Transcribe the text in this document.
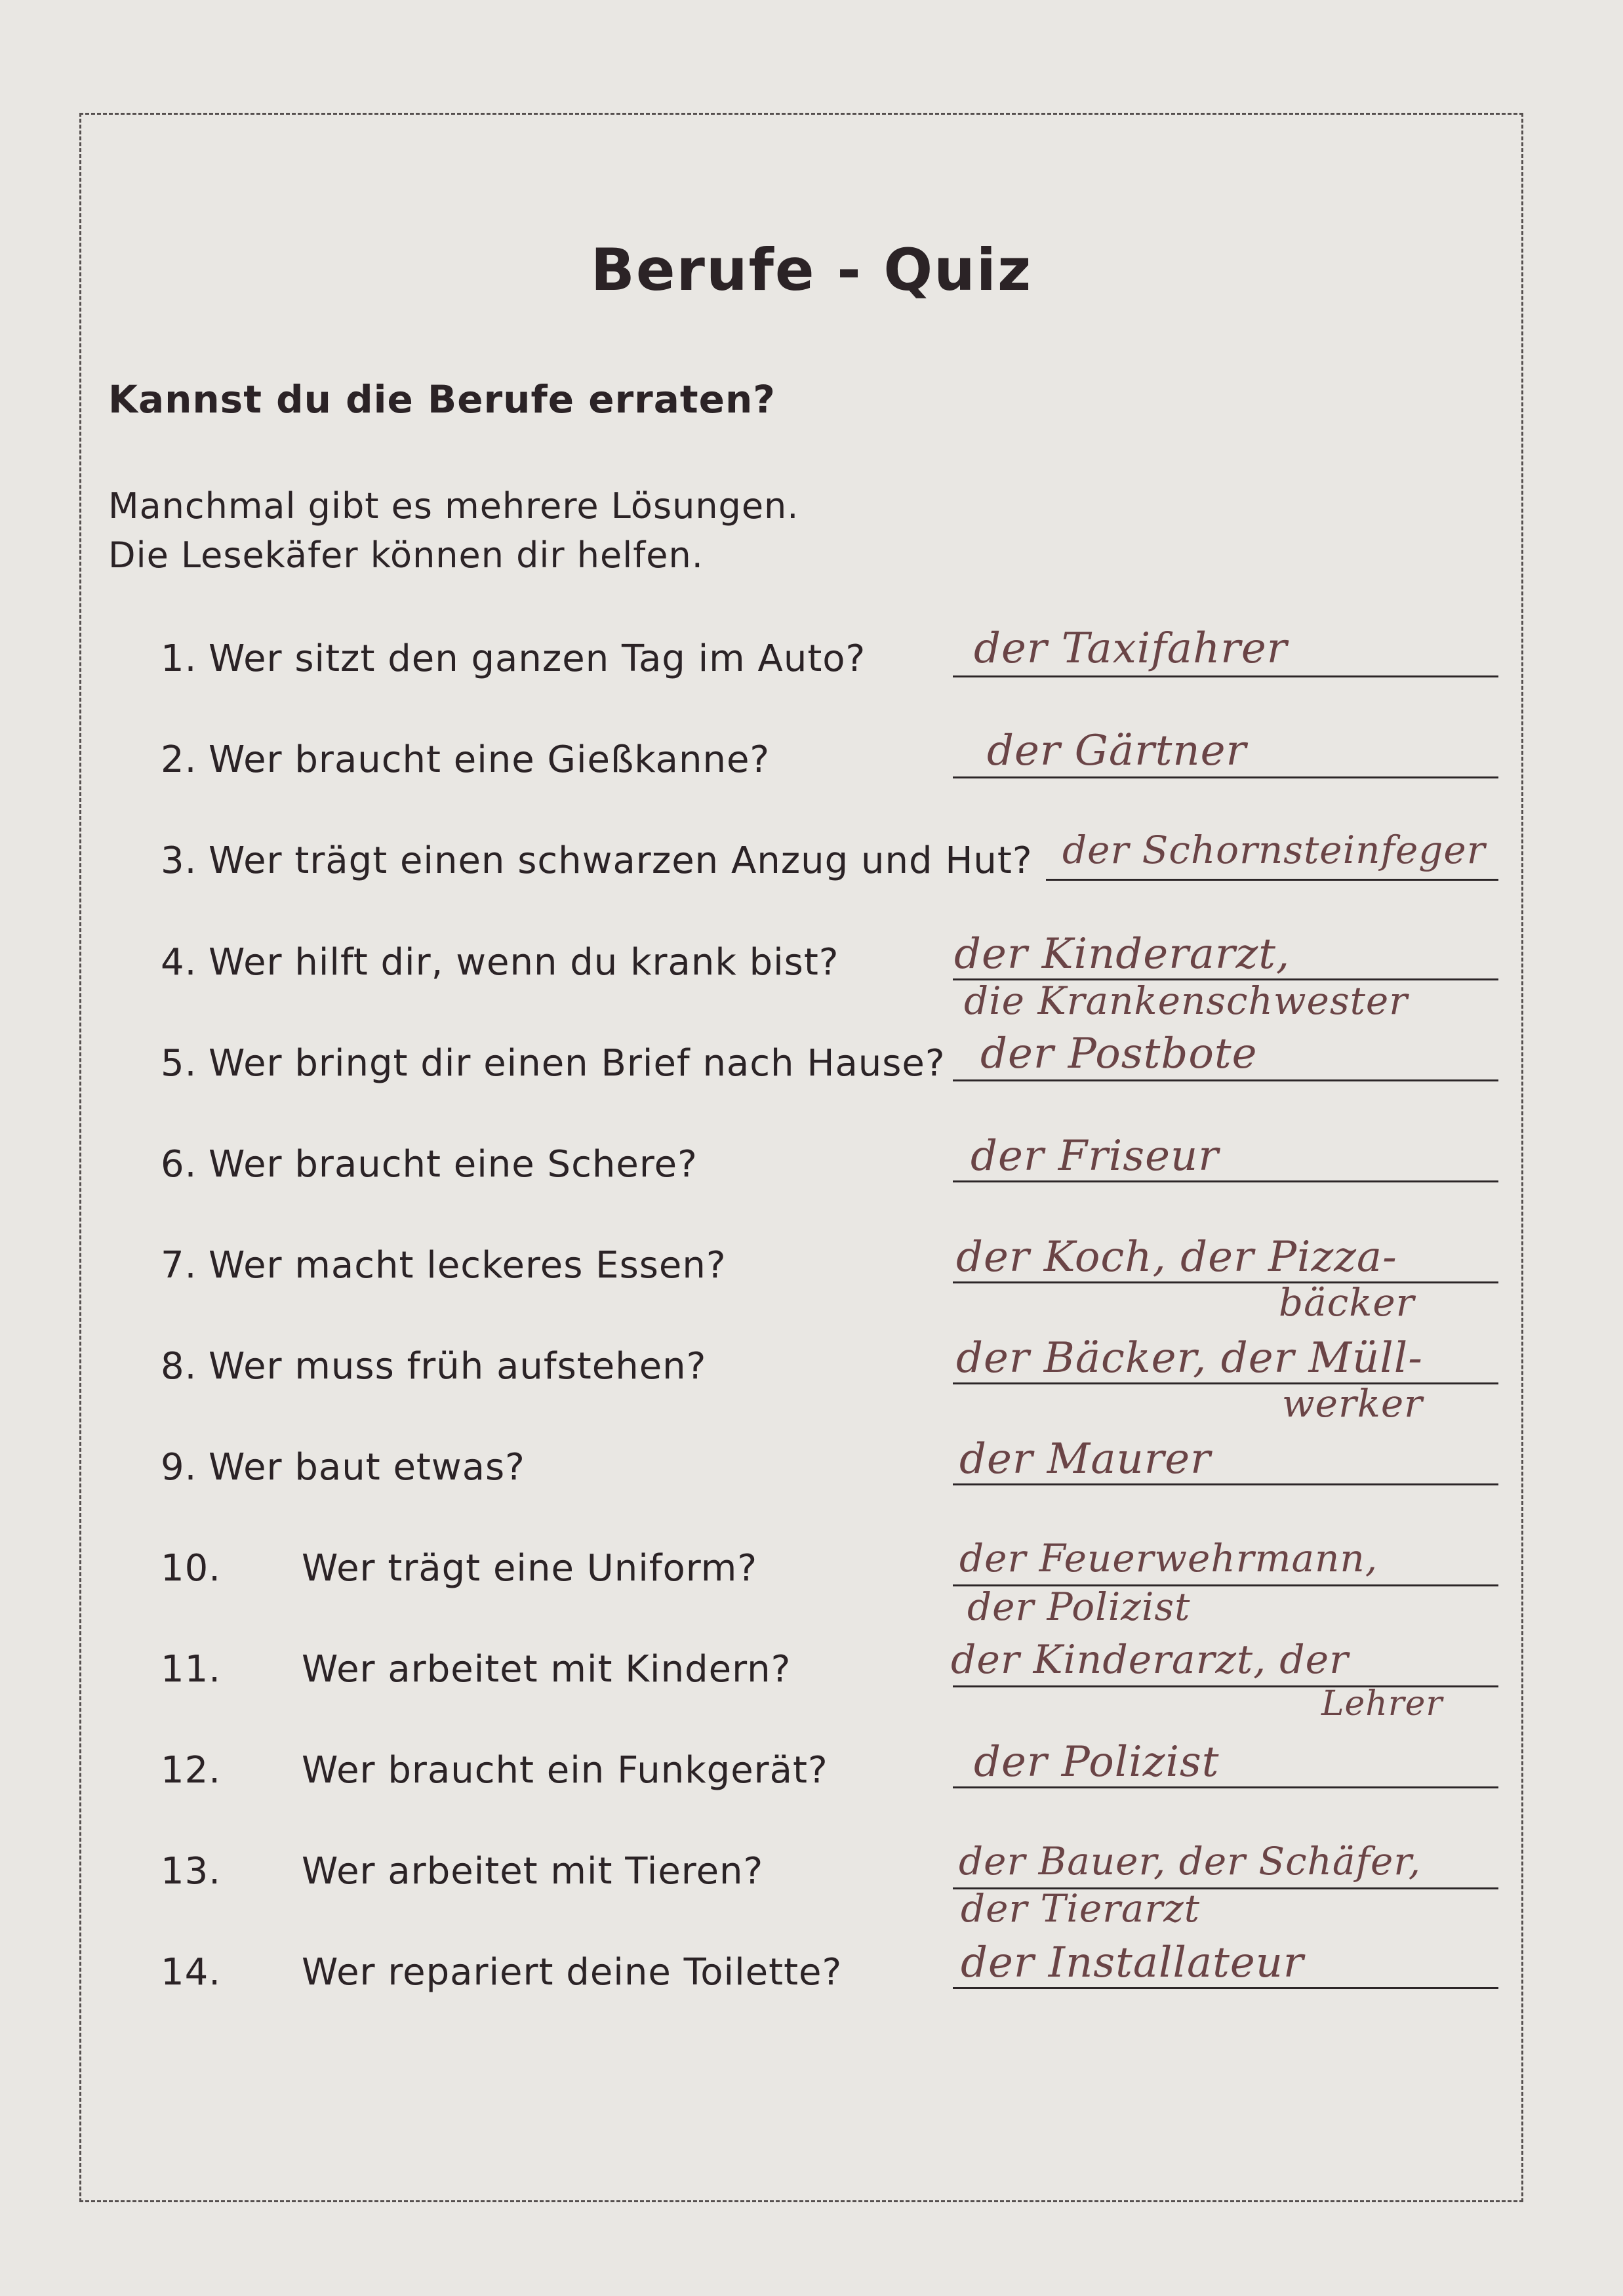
Berufe - Quiz
Kannst du die Berufe erraten?
Manchmal gibt es mehrere Lösungen.
Die Lesekäfer können dir helfen.
1. Wer sitzt den ganzen Tag im Auto?	der Taxifahrer
2. Wer braucht eine Gießkanne?	der Gärtner
3. Wer trägt einen schwarzen Anzug und Hut? der Schornsteinfeger
4. Wer hilft dir, wenn du krank bist?	der Kinderarzt,
die Krankenschwester
5. Wer bringt dir einen Brief nach Hause? der Postbote
6. Wer braucht eine Schere?	der Friseur
7. Wer macht leckeres Essen?	der Koch, der Pizza-
bäcker
8. Wer muss früh aufstehen?	der Bäcker, der Müll-
werker
9. Wer baut etwas?	der Maurer
10. Wer trägt eine Uniform?	der Feuerwehrmann,
der Polizist
11. Wer arbeitet mit Kindern?	der Kinderarzt, der
Lehrer
12. Wer braucht ein Funkgerät?	der Polizist
13. Wer arbeitet mit Tieren?	der Bauer, der Schäfer,
der Tierarzt
14. Wer repariert deine Toilette?	der Installateur
